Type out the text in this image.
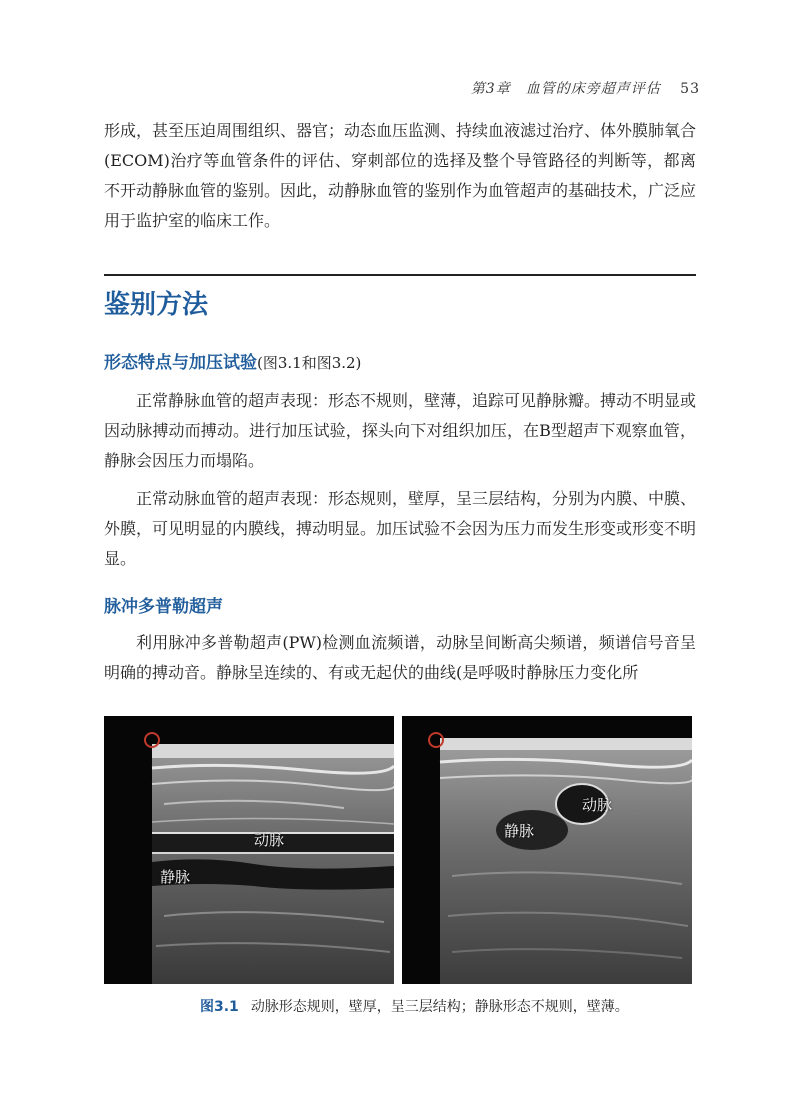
第3章　血管的床旁超声评估 53

形成，甚至压迫周围组织、器官；动态血压监测、持续血液滤过治疗、体外膜肺氧合(ECOM)治疗等血管条件的评估、穿刺部位的选择及整个导管路径的判断等，都离不开动静脉血管的鉴别。因此，动静脉血管的鉴别作为血管超声的基础技术，广泛应用于监护室的临床工作。

鉴别方法
形态特点与加压试验(图3.1和图3.2)

正常静脉血管的超声表现：形态不规则，壁薄，追踪可见静脉瓣。搏动不明显或因动脉搏动而搏动。进行加压试验，探头向下对组织加压，在B型超声下观察血管，静脉会因压力而塌陷。

正常动脉血管的超声表现：形态规则，壁厚，呈三层结构，分别为内膜、中膜、外膜，可见明显的内膜线，搏动明显。加压试验不会因为压力而发生形变或形变不明显。

脉冲多普勒超声

利用脉冲多普勒超声(PW)检测血流频谱，动脉呈间断高尖频谱，频谱信号音呈明确的搏动音。静脉呈连续的、有或无起伏的曲线(是呼吸时静脉压力变化所

动脉
静脉
动脉
静脉
图3.1 动脉形态规则，壁厚，呈三层结构；静脉形态不规则，壁薄。
